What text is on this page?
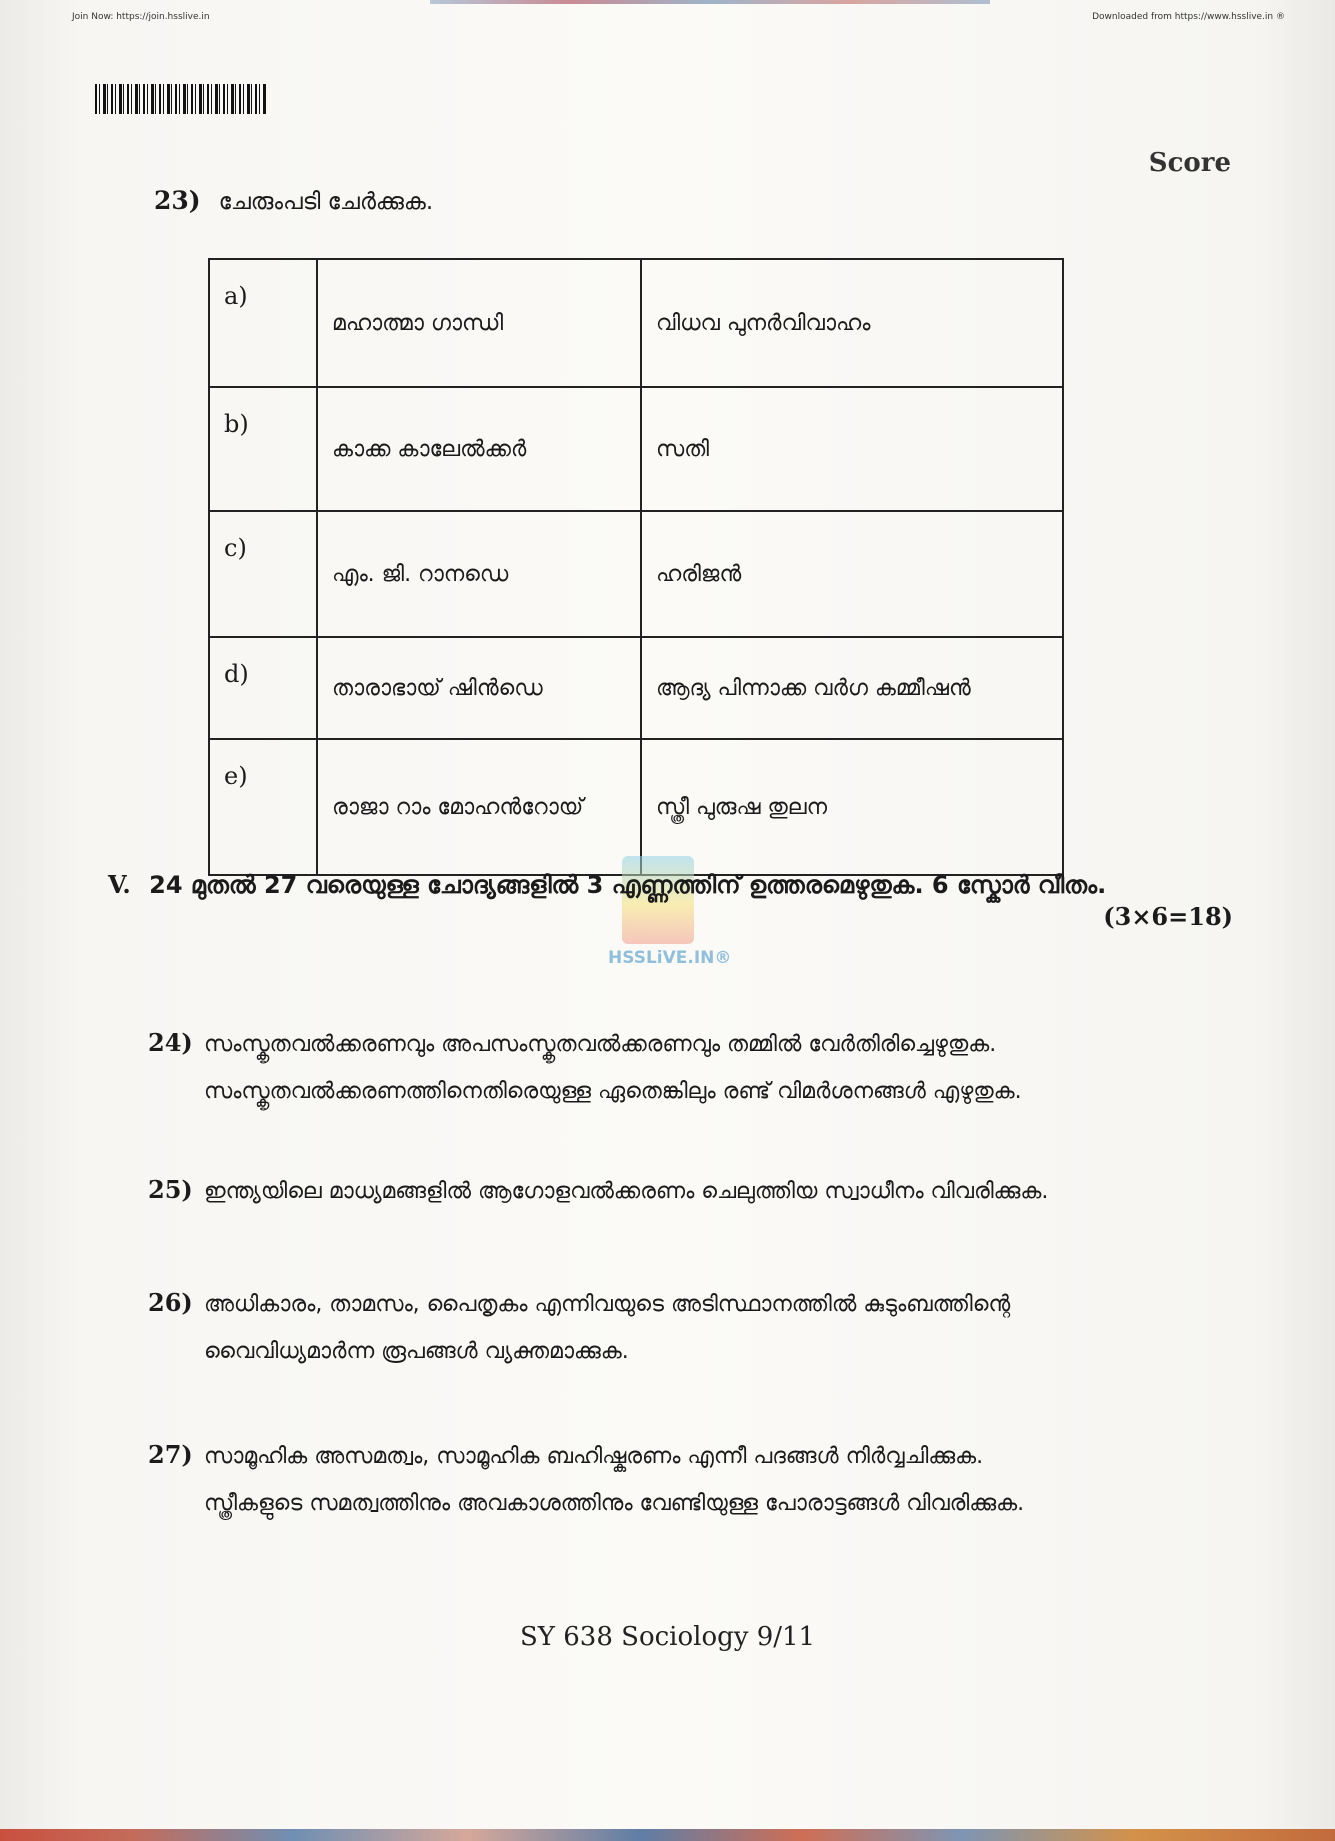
Join Now: https://join.hsslive.in	Downloaded from https://www.hsslive.in ®
Score
23) ചേരുംപടി ചേർക്കുക.
a)	മഹാത്മാ ഗാന്ധി	വിധവ പുനർവിവാഹം
b)	കാക്ക കാലേൽക്കർ	സതി
c)	എം. ജി. റാനഡെ	ഹരിജൻ
d)	താരാഭായ് ഷിൻഡെ	ആദ്യ പിന്നാക്ക വർഗ കമ്മീഷൻ
e)	രാജാ റാം മോഹൻറോയ്	സ്ത്രീ പുരുഷ തുലന
HSSLiVE.IN®
V. 24 മുതൽ 27 വരെയുള്ള ചോദ്യങ്ങളിൽ 3 എണ്ണത്തിന് ഉത്തരമെഴുതുക. 6 സ്കോർ വീതം.
(3×6=18)
24) സംസ്കൃതവൽക്കരണവും അപസംസ്കൃതവൽക്കരണവും തമ്മിൽ വേർതിരിച്ചെഴുതുക.
സംസ്കൃതവൽക്കരണത്തിനെതിരെയുള്ള ഏതെങ്കിലും രണ്ട് വിമർശനങ്ങൾ എഴുതുക.
25) ഇന്ത്യയിലെ മാധ്യമങ്ങളിൽ ആഗോളവൽക്കരണം ചെലുത്തിയ സ്വാധീനം വിവരിക്കുക.
26) അധികാരം, താമസം, പൈതൃകം എന്നിവയുടെ അടിസ്ഥാനത്തിൽ കുടുംബത്തിന്റെ
വൈവിധ്യമാർന്ന രൂപങ്ങൾ വ്യക്തമാക്കുക.
27) സാമൂഹിക അസമത്വം, സാമൂഹിക ബഹിഷ്കരണം എന്നീ പദങ്ങൾ നിർവ്വചിക്കുക.
സ്ത്രീകളുടെ സമത്വത്തിനും അവകാശത്തിനും വേണ്ടിയുള്ള പോരാട്ടങ്ങൾ വിവരിക്കുക.
SY 638 Sociology 9/11
